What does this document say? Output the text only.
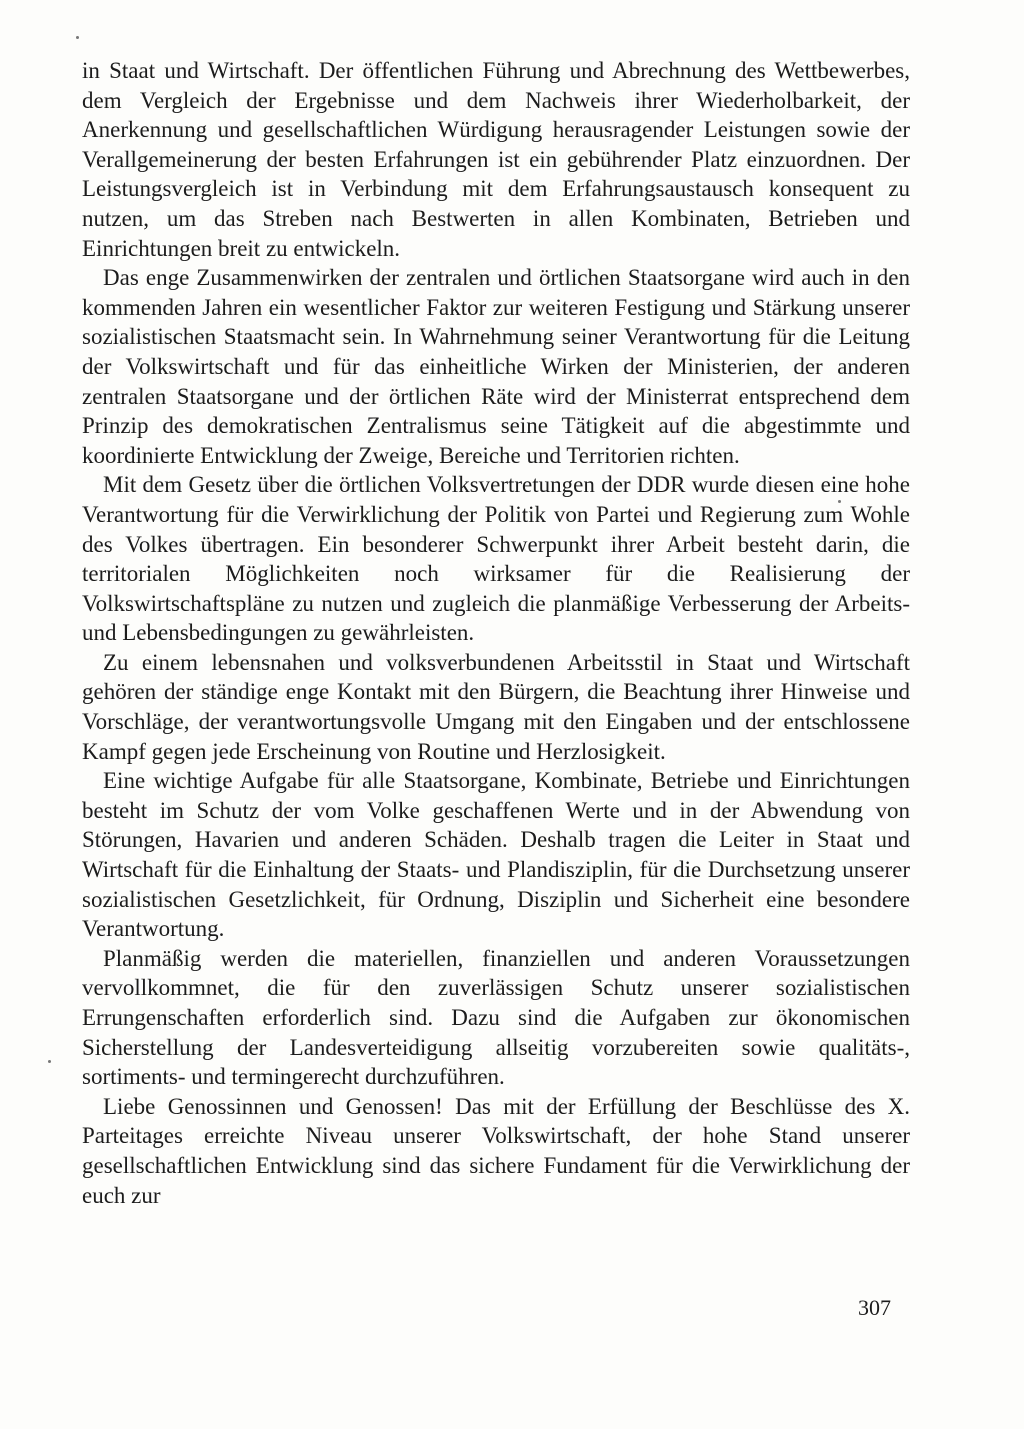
in Staat und Wirtschaft. Der öffentlichen Führung und Abrechnung des Wettbewerbes, dem Vergleich der Ergebnisse und dem Nachweis ihrer Wiederholbarkeit, der Anerkennung und gesellschaftlichen Würdigung herausragender Leistungen sowie der Verallgemeinerung der besten Erfahrungen ist ein gebührender Platz einzuordnen. Der Leistungsvergleich ist in Verbindung mit dem Erfahrungsaustausch konsequent zu nutzen, um das Streben nach Bestwerten in allen Kombinaten, Betrieben und Einrichtungen breit zu entwickeln.

Das enge Zusammenwirken der zentralen und örtlichen Staatsorgane wird auch in den kommenden Jahren ein wesentlicher Faktor zur weiteren Festigung und Stärkung unserer sozialistischen Staatsmacht sein. In Wahrnehmung seiner Verantwortung für die Leitung der Volkswirtschaft und für das einheitliche Wirken der Ministerien, der anderen zentralen Staatsorgane und der örtlichen Räte wird der Ministerrat entsprechend dem Prinzip des demokratischen Zentralismus seine Tätigkeit auf die abgestimmte und koordinierte Entwicklung der Zweige, Bereiche und Territorien richten.

Mit dem Gesetz über die örtlichen Volksvertretungen der DDR wurde diesen eine hohe Verantwortung für die Verwirklichung der Politik von Partei und Regierung zum Wohle des Volkes übertragen. Ein besonderer Schwerpunkt ihrer Arbeit besteht darin, die territorialen Möglichkeiten noch wirksamer für die Realisierung der Volkswirtschaftspläne zu nutzen und zugleich die planmäßige Verbesserung der Arbeits- und Lebensbedingungen zu gewährleisten.

Zu einem lebensnahen und volksverbundenen Arbeitsstil in Staat und Wirtschaft gehören der ständige enge Kontakt mit den Bürgern, die Beachtung ihrer Hinweise und Vorschläge, der verantwortungsvolle Umgang mit den Eingaben und der entschlossene Kampf gegen jede Erscheinung von Routine und Herzlosigkeit.

Eine wichtige Aufgabe für alle Staatsorgane, Kombinate, Betriebe und Einrichtungen besteht im Schutz der vom Volke geschaffenen Werte und in der Abwendung von Störungen, Havarien und anderen Schäden. Deshalb tragen die Leiter in Staat und Wirtschaft für die Einhaltung der Staats- und Plandisziplin, für die Durchsetzung unserer sozialistischen Gesetzlichkeit, für Ordnung, Disziplin und Sicherheit eine besondere Verantwortung.

Planmäßig werden die materiellen, finanziellen und anderen Voraussetzungen vervollkommnet, die für den zuverlässigen Schutz unserer sozialistischen Errungenschaften erforderlich sind. Dazu sind die Aufgaben zur ökonomischen Sicherstellung der Landesverteidigung allseitig vorzubereiten sowie qualitäts-, sortiments- und termingerecht durchzuführen.

Liebe Genossinnen und Genossen! Das mit der Erfüllung der Beschlüsse des X. Parteitages erreichte Niveau unserer Volkswirtschaft, der hohe Stand unserer gesellschaftlichen Entwicklung sind das sichere Fundament für die Verwirklichung der euch zur

307
